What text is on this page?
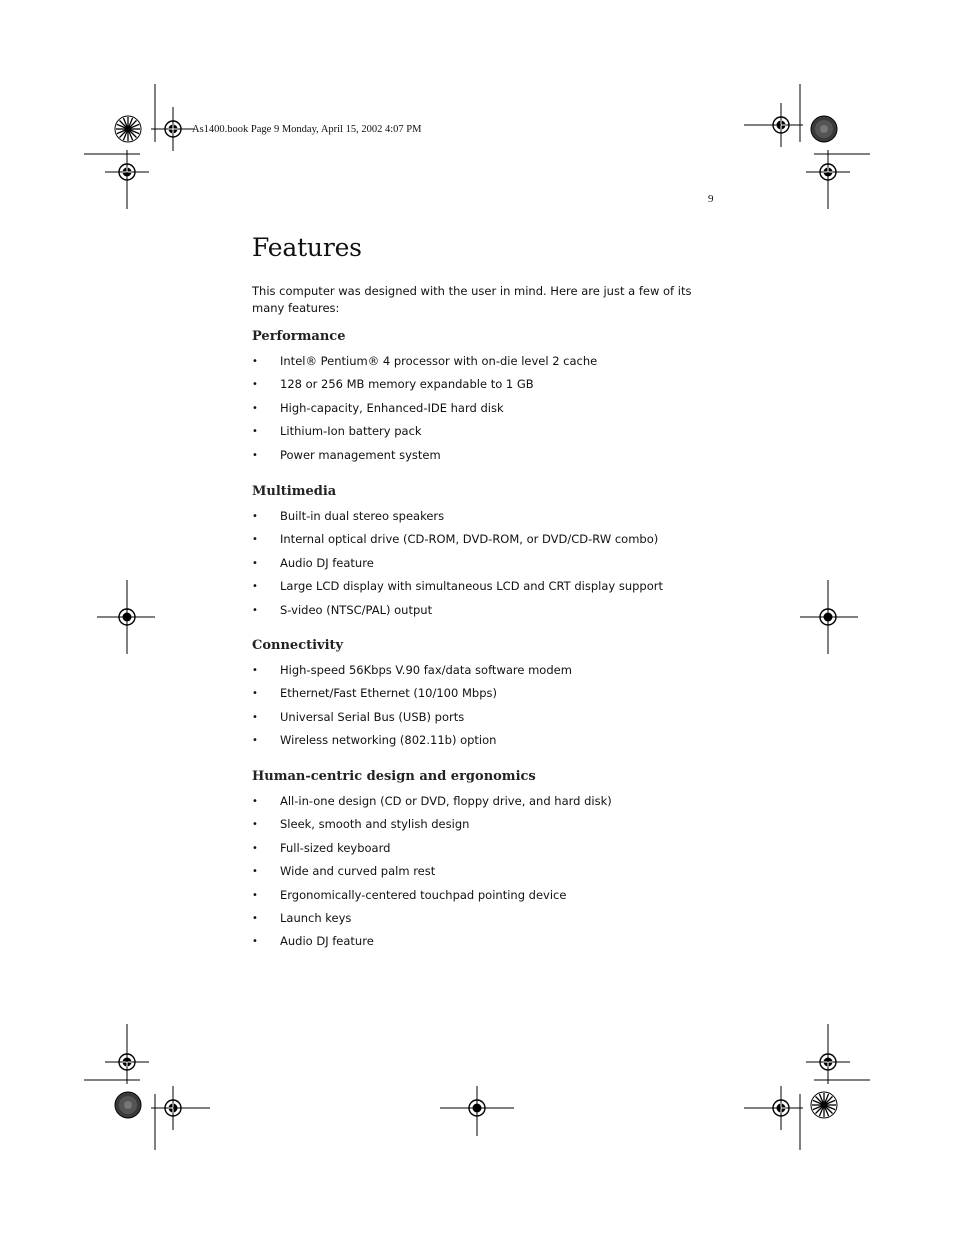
As1400.book Page 9 Monday, April 15, 2002 4:07 PM
9
Features

This computer was designed with the user in mind. Here are just a few of its many features:

Performance
• Intel® Pentium® 4 processor with on-die level 2 cache
• 128 or 256 MB memory expandable to 1 GB
• High-capacity, Enhanced-IDE hard disk
• Lithium-Ion battery pack
• Power management system
Multimedia
• Built-in dual stereo speakers
• Internal optical drive (CD-ROM, DVD-ROM, or DVD/CD-RW combo)
• Audio DJ feature
• Large LCD display with simultaneous LCD and CRT display support
• S-video (NTSC/PAL) output
Connectivity
• High-speed 56Kbps V.90 fax/data software modem
• Ethernet/Fast Ethernet (10/100 Mbps)
• Universal Serial Bus (USB) ports
• Wireless networking (802.11b) option
Human-centric design and ergonomics
• All-in-one design (CD or DVD, floppy drive, and hard disk)
• Sleek, smooth and stylish design
• Full-sized keyboard
• Wide and curved palm rest
• Ergonomically-centered touchpad pointing device
• Launch keys
• Audio DJ feature
